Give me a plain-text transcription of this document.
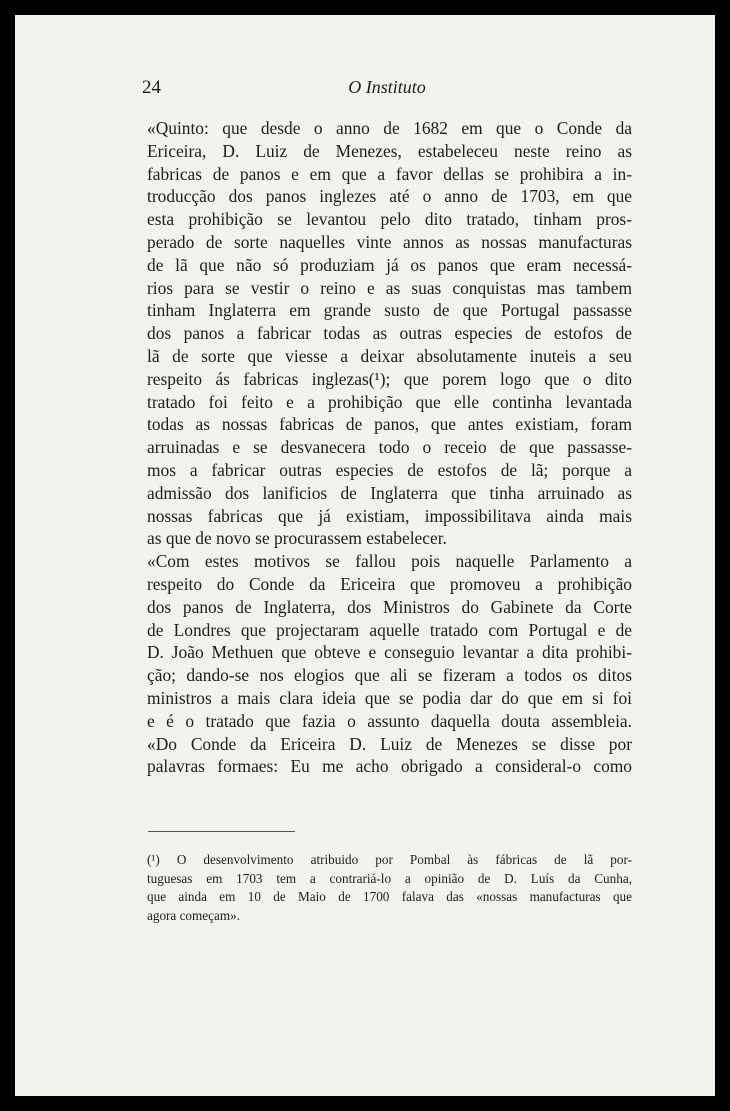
24	O Instituto
«Quinto: que desde o anno de 1682 em que o Conde da
Ericeira, D. Luiz de Menezes, estabeleceu neste reino as
fabricas de panos e em que a favor dellas se prohibira a in-
troducção dos panos inglezes até o anno de 1703, em que
esta prohibição se levantou pelo dito tratado, tinham pros-
perado de sorte naquelles vinte annos as nossas manufacturas
de lã que não só produziam já os panos que eram necessá-
rios para se vestir o reino e as suas conquistas mas tambem
tinham Inglaterra em grande susto de que Portugal passasse
dos panos a fabricar todas as outras especies de estofos de
lã de sorte que viesse a deixar absolutamente inuteis a seu
respeito ás fabricas inglezas(¹); que porem logo que o dito
tratado foi feito e a prohibição que elle continha levantada
todas as nossas fabricas de panos, que antes existiam, foram
arruinadas e se desvanecera todo o receio de que passasse-
mos a fabricar outras especies de estofos de lã; porque a
admissão dos lanificios de Inglaterra que tinha arruinado as
nossas fabricas que já existiam, impossibilitava ainda mais
as que de novo se procurassem estabelecer.
«Com estes motivos se fallou pois naquelle Parlamento a
respeito do Conde da Ericeira que promoveu a prohibição
dos panos de Inglaterra, dos Ministros do Gabinete da Corte
de Londres que projectaram aquelle tratado com Portugal e de
D. João Methuen que obteve e conseguio levantar a dita prohibi-
ção; dando-se nos elogios que ali se fizeram a todos os ditos
ministros a mais clara ideia que se podia dar do que em si foi
e é o tratado que fazia o assunto daquella douta assembleia.
«Do Conde da Ericeira D. Luiz de Menezes se disse por
palavras formaes: Eu me acho obrigado a consideral-o como
(¹) O desenvolvimento atribuido por Pombal às fábricas de lã por-
tuguesas em 1703 tem a contrariá-lo a opinião de D. Luís da Cunha,
que ainda em 10 de Maio de 1700 falava das «nossas manufacturas que
agora começam».
